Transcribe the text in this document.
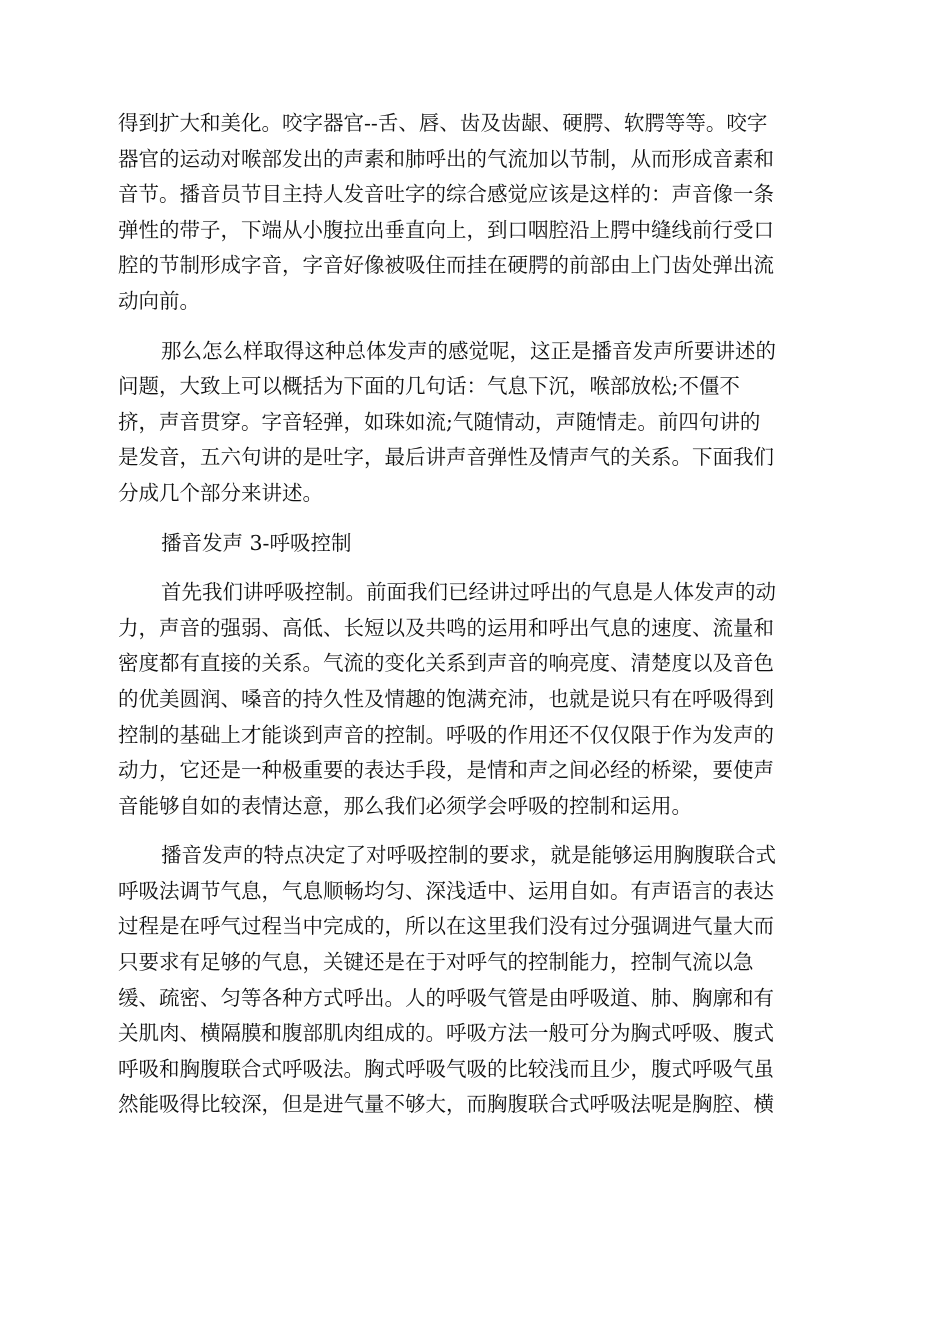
得到扩大和美化。咬字器官--舌、唇、齿及齿龈、硬腭、软腭等等。咬字
器官的运动对喉部发出的声素和肺呼出的气流加以节制，从而形成音素和
音节。播音员节目主持人发音吐字的综合感觉应该是这样的：声音像一条
弹性的带子，下端从小腹拉出垂直向上，到口咽腔沿上腭中缝线前行受口
腔的节制形成字音，字音好像被吸住而挂在硬腭的前部由上门齿处弹出流
动向前。
那么怎么样取得这种总体发声的感觉呢，这正是播音发声所要讲述的
问题，大致上可以概括为下面的几句话：气息下沉，喉部放松;不僵不
挤，声音贯穿。字音轻弹，如珠如流;气随情动，声随情走。前四句讲的
是发音，五六句讲的是吐字，最后讲声音弹性及情声气的关系。下面我们
分成几个部分来讲述。
播音发声 3-呼吸控制
首先我们讲呼吸控制。前面我们已经讲过呼出的气息是人体发声的动
力，声音的强弱、高低、长短以及共鸣的运用和呼出气息的速度、流量和
密度都有直接的关系。气流的变化关系到声音的响亮度、清楚度以及音色
的优美圆润、嗓音的持久性及情趣的饱满充沛，也就是说只有在呼吸得到
控制的基础上才能谈到声音的控制。呼吸的作用还不仅仅限于作为发声的
动力，它还是一种极重要的表达手段，是情和声之间必经的桥梁，要使声
音能够自如的表情达意，那么我们必须学会呼吸的控制和运用。
播音发声的特点决定了对呼吸控制的要求，就是能够运用胸腹联合式
呼吸法调节气息，气息顺畅均匀、深浅适中、运用自如。有声语言的表达
过程是在呼气过程当中完成的，所以在这里我们没有过分强调进气量大而
只要求有足够的气息，关键还是在于对呼气的控制能力，控制气流以急
缓、疏密、匀等各种方式呼出。人的呼吸气管是由呼吸道、肺、胸廓和有
关肌肉、横隔膜和腹部肌肉组成的。呼吸方法一般可分为胸式呼吸、腹式
呼吸和胸腹联合式呼吸法。胸式呼吸气吸的比较浅而且少，腹式呼吸气虽
然能吸得比较深，但是进气量不够大，而胸腹联合式呼吸法呢是胸腔、横
